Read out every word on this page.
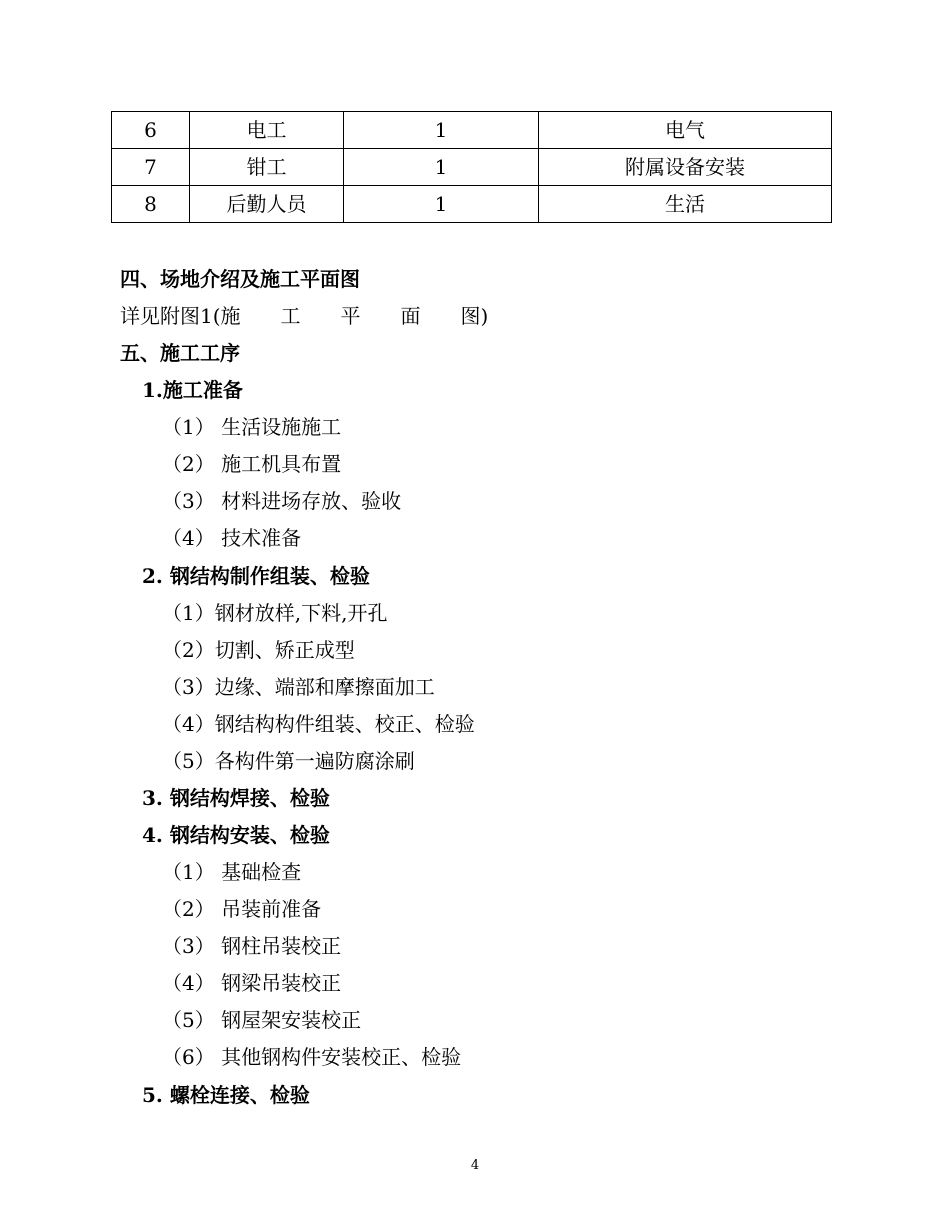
6	电工	1	电气
7	钳工	1	附属设备安装
8	后勤人员	1	生活
四、场地介绍及施工平面图
详见附图1(施　　工　　平　　面　　图)
五、施工工序
1.施工准备
（1） 生活设施施工
（2） 施工机具布置
（3） 材料进场存放、验收
（4） 技术准备
2. 钢结构制作组装、检验
（1）钢材放样,下料,开孔
（2）切割、矫正成型
（3）边缘、端部和摩擦面加工
（4）钢结构构件组装、校正、检验
（5）各构件第一遍防腐涂刷
3. 钢结构焊接、检验
4. 钢结构安装、检验
（1） 基础检查
（2） 吊装前准备
（3） 钢柱吊装校正
（4） 钢梁吊装校正
（5） 钢屋架安装校正
（6） 其他钢构件安装校正、检验
5. 螺栓连接、检验
4
